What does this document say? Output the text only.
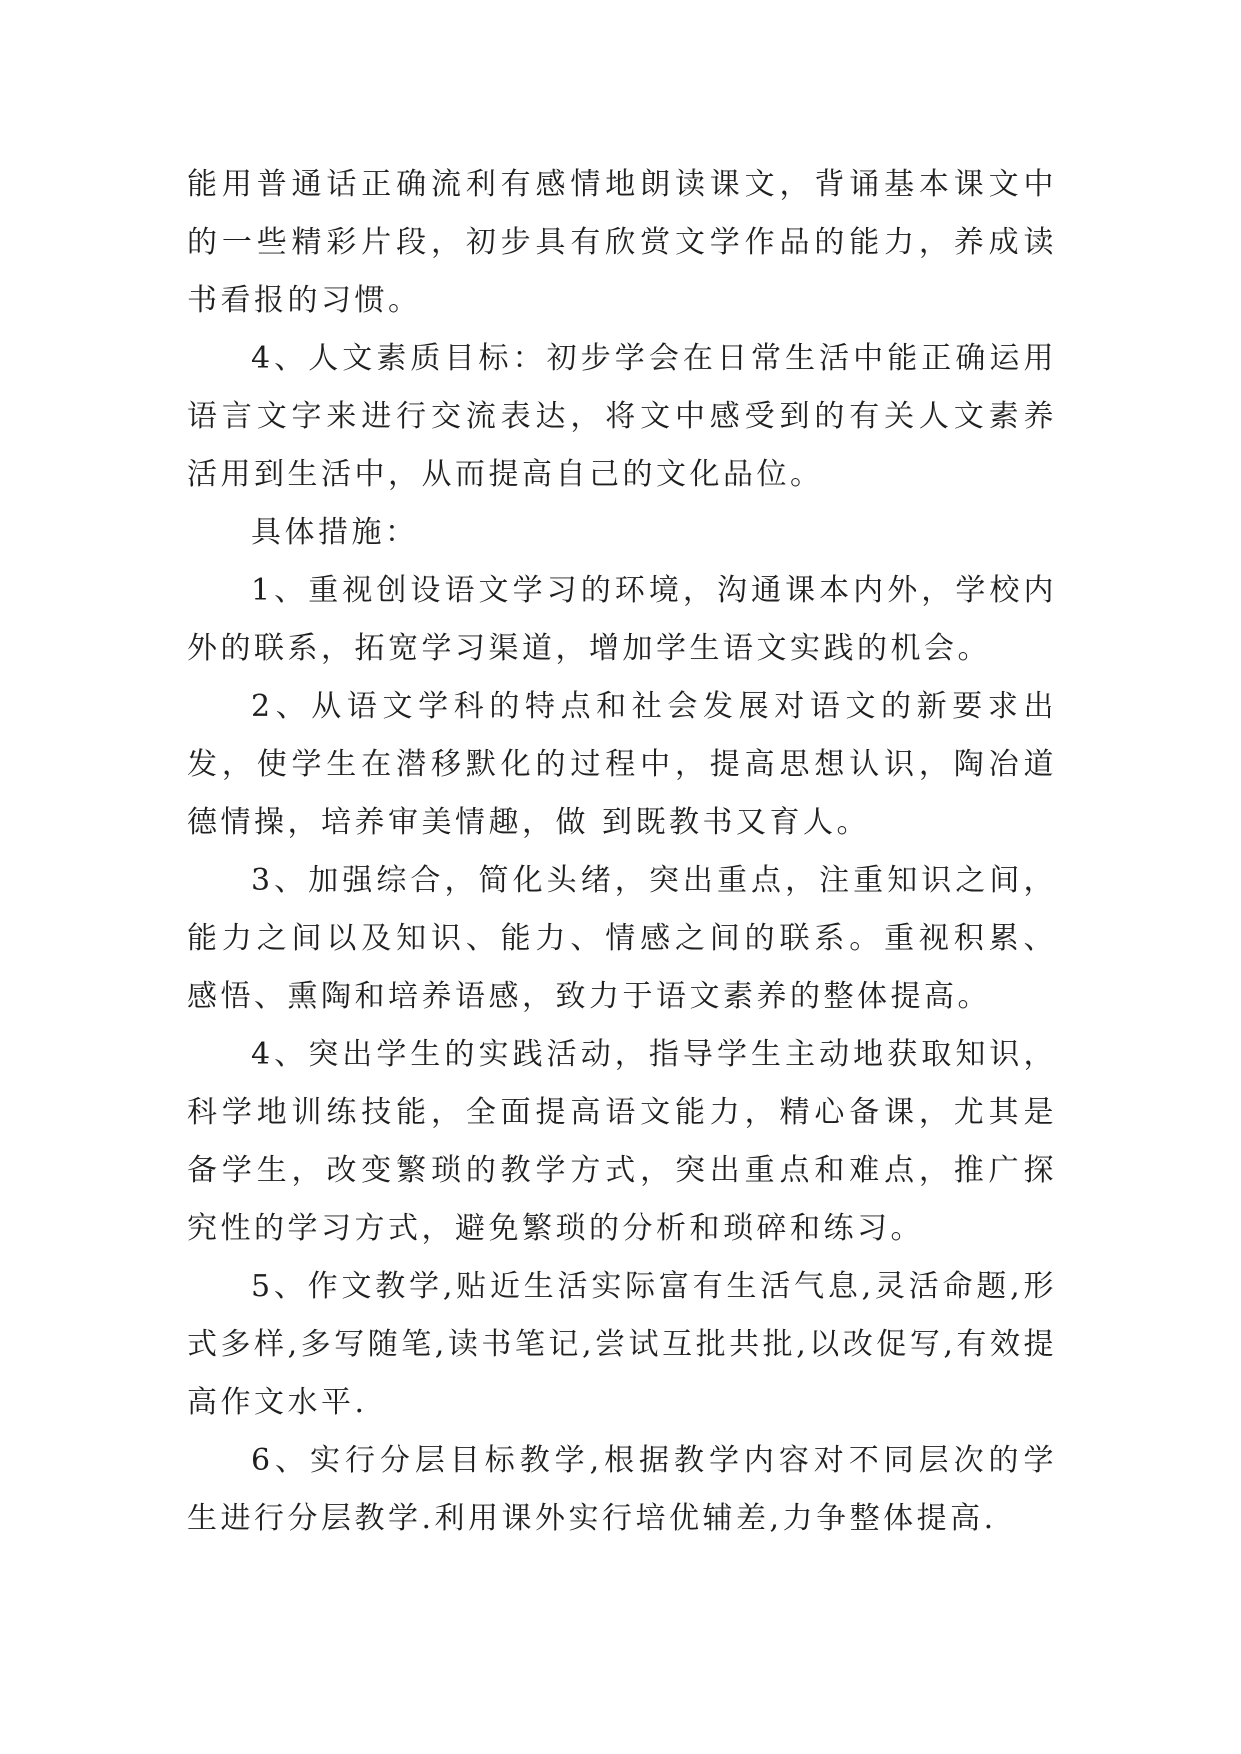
能用普通话正确流利有感情地朗读课文，背诵基本课文中的一些精彩片段，初步具有欣赏文学作品的能力，养成读书看报的习惯。

4、人文素质目标：初步学会在日常生活中能正确运用语言文字来进行交流表达，将文中感受到的有关人文素养活用到生活中，从而提高自己的文化品位。

具体措施：

1、重视创设语文学习的环境，沟通课本内外，学校内外的联系，拓宽学习渠道，增加学生语文实践的机会。

2、从语文学科的特点和社会发展对语文的新要求出发，使学生在潜移默化的过程中，提高思想认识，陶冶道德情操，培养审美情趣，做 到既教书又育人。

3、加强综合，简化头绪，突出重点，注重知识之间，能力之间以及知识、能力、情感之间的联系。重视积累、感悟、熏陶和培养语感，致力于语文素养的整体提高。

4、突出学生的实践活动，指导学生主动地获取知识，科学地训练技能，全面提高语文能力，精心备课，尤其是备学生，改变繁琐的教学方式，突出重点和难点，推广探究性的学习方式，避免繁琐的分析和琐碎和练习。

5、作文教学,贴近生活实际富有生活气息,灵活命题,形式多样,多写随笔,读书笔记,尝试互批共批,以改促写,有效提高作文水平.

6、实行分层目标教学,根据教学内容对不同层次的学生进行分层教学.利用课外实行培优辅差,力争整体提高.
